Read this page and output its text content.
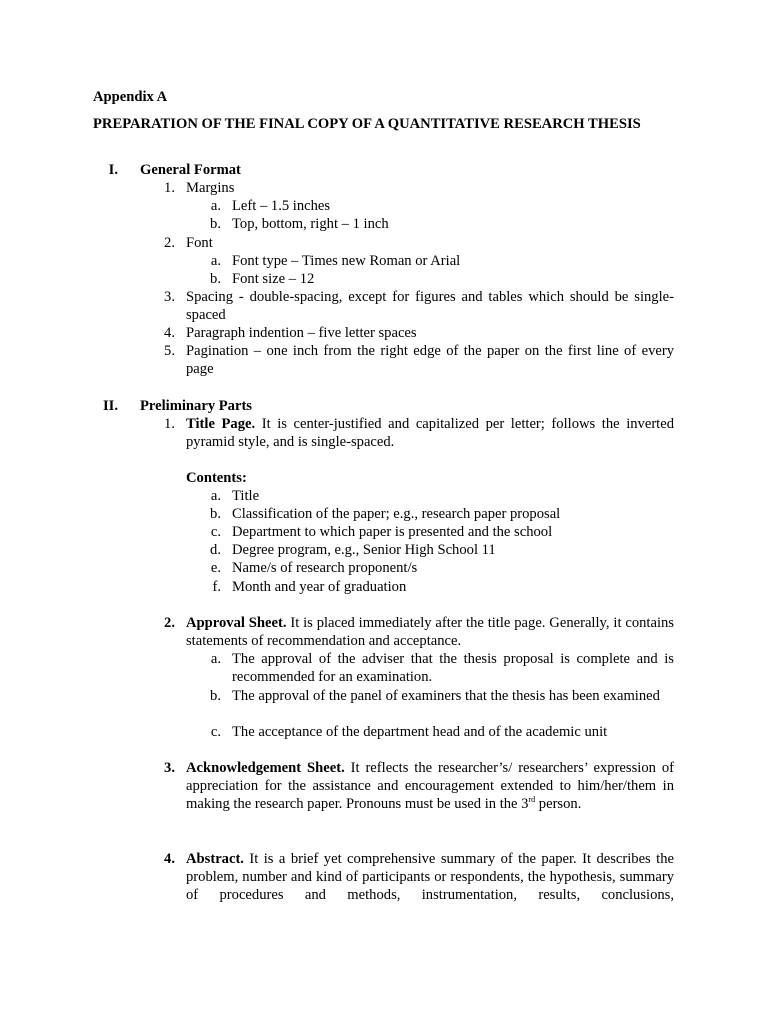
Appendix A
PREPARATION OF THE FINAL COPY OF A QUANTITATIVE RESEARCH THESIS
I. General Format
1. Margins
a. Left – 1.5 inches
b. Top, bottom, right – 1 inch
2. Font
a. Font type – Times new Roman or Arial
b. Font size – 12
3. Spacing - double-spacing, except for figures and tables which should be single-spaced
4. Paragraph indention – five letter spaces
5. Pagination – one inch from the right edge of the paper on the first line of every page
II. Preliminary Parts
1. Title Page. It is center-justified and capitalized per letter; follows the inverted pyramid style, and is single-spaced.
Contents:
a. Title
b. Classification of the paper; e.g., research paper proposal
c. Department to which paper is presented and the school
d. Degree program, e.g., Senior High School 11
e. Name/s of research proponent/s
f. Month and year of graduation
2. Approval Sheet. It is placed immediately after the title page. Generally, it contains statements of recommendation and acceptance.
a. The approval of the adviser that the thesis proposal is complete and is recommended for an examination.
b. The approval of the panel of examiners that the thesis has been examined
c. The acceptance of the department head and of the academic unit
3. Acknowledgement Sheet. It reflects the researcher’s/ researchers’ expression of appreciation for the assistance and encouragement extended to him/her/them in making the research paper. Pronouns must be used in the 3rd person.
4. Abstract. It is a brief yet comprehensive summary of the paper. It describes the problem, number and kind of participants or respondents, the hypothesis, summary of procedures and methods, instrumentation, results, conclusions,
